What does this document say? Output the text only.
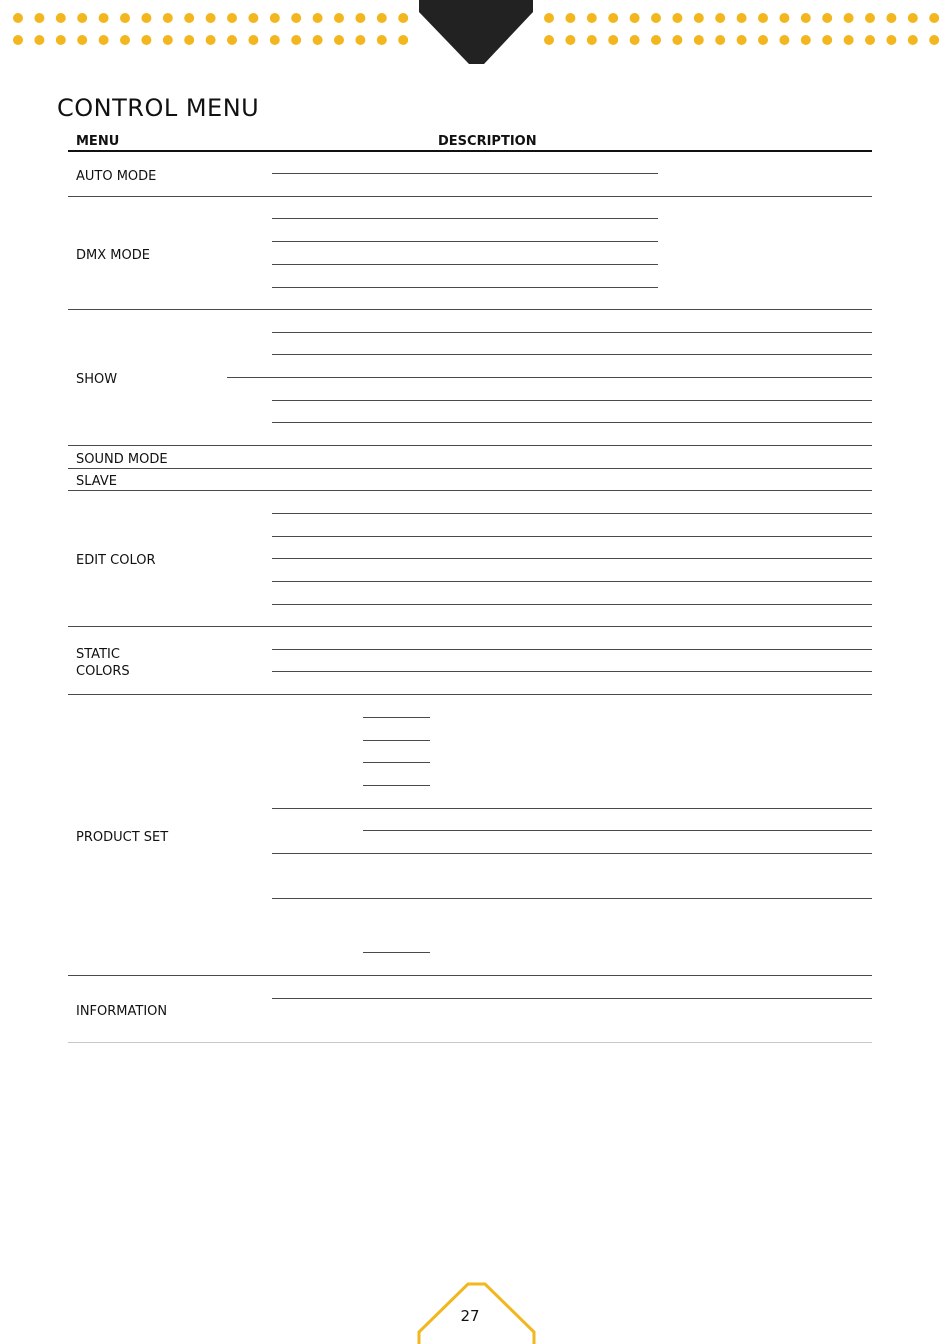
CONTROL MENU
MENU	DESCRIPTION
AUTO MODE
DMX MODE
SHOW
SOUND MODE
SLAVE
EDIT COLOR
STATIC
COLORS
PRODUCT SET
INFORMATION
27
